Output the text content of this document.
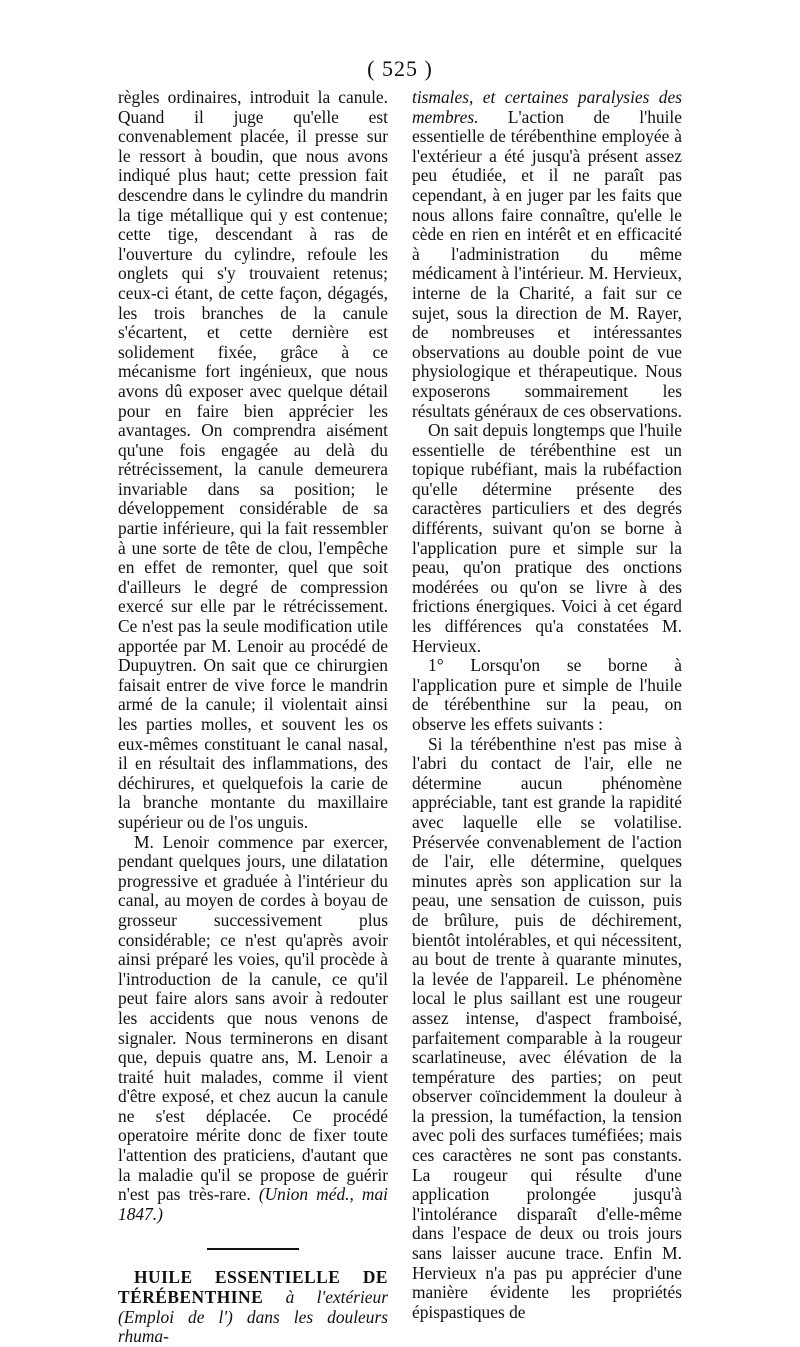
( 525 )

règles ordinaires, introduit la canule. Quand il juge qu'elle est convenablement placée, il presse sur le ressort à boudin, que nous avons indiqué plus haut; cette pression fait descendre dans le cylindre du mandrin la tige métallique qui y est contenue; cette tige, descendant à ras de l'ouverture du cylindre, refoule les onglets qui s'y trouvaient retenus; ceux-ci étant, de cette façon, dégagés, les trois branches de la canule s'écartent, et cette dernière est solidement fixée, grâce à ce mécanisme fort ingénieux, que nous avons dû exposer avec quelque détail pour en faire bien apprécier les avantages. On comprendra aisément qu'une fois engagée au delà du rétrécissement, la canule demeurera invariable dans sa position; le développement considérable de sa partie inférieure, qui la fait ressembler à une sorte de tête de clou, l'empêche en effet de remonter, quel que soit d'ailleurs le degré de compression exercé sur elle par le rétrécissement. Ce n'est pas la seule modification utile apportée par M. Lenoir au procédé de Dupuytren. On sait que ce chirurgien faisait entrer de vive force le mandrin armé de la canule; il violentait ainsi les parties molles, et souvent les os eux-mêmes constituant le canal nasal, il en résultait des inflammations, des déchirures, et quelquefois la carie de la branche montante du maxillaire supérieur ou de l'os unguis.

M. Lenoir commence par exercer, pendant quelques jours, une dilatation progressive et graduée à l'intérieur du canal, au moyen de cordes à boyau de grosseur successivement plus considérable; ce n'est qu'après avoir ainsi préparé les voies, qu'il procède à l'introduction de la canule, ce qu'il peut faire alors sans avoir à redouter les accidents que nous venons de signaler. Nous terminerons en disant que, depuis quatre ans, M. Lenoir a traité huit malades, comme il vient d'être exposé, et chez aucun la canule ne s'est déplacée. Ce procédé operatoire mérite donc de fixer toute l'attention des praticiens, d'autant que la maladie qu'il se propose de guérir n'est pas très-rare. (Union méd., mai 1847.)

HUILE ESSENTIELLE DE TÉRÉBENTHINE à l'extérieur (Emploi de l') dans les douleurs rhuma-

tismales, et certaines paralysies des membres. L'action de l'huile essentielle de térébenthine employée à l'extérieur a été jusqu'à présent assez peu étudiée, et il ne paraît pas cependant, à en juger par les faits que nous allons faire connaître, qu'elle le cède en rien en intérêt et en efficacité à l'administration du même médicament à l'intérieur. M. Hervieux, interne de la Charité, a fait sur ce sujet, sous la direction de M. Rayer, de nombreuses et intéressantes observations au double point de vue physiologique et thérapeutique. Nous exposerons sommairement les résultats généraux de ces observations.

On sait depuis longtemps que l'huile essentielle de térébenthine est un topique rubéfiant, mais la rubéfaction qu'elle détermine présente des caractères particuliers et des degrés différents, suivant qu'on se borne à l'application pure et simple sur la peau, qu'on pratique des onctions modérées ou qu'on se livre à des frictions énergiques. Voici à cet égard les différences qu'a constatées M. Hervieux.

1° Lorsqu'on se borne à l'application pure et simple de l'huile de térébenthine sur la peau, on observe les effets suivants :

Si la térébenthine n'est pas mise à l'abri du contact de l'air, elle ne détermine aucun phénomène appréciable, tant est grande la rapidité avec laquelle elle se volatilise. Préservée convenablement de l'action de l'air, elle détermine, quelques minutes après son application sur la peau, une sensation de cuisson, puis de brûlure, puis de déchirement, bientôt intolérables, et qui nécessitent, au bout de trente à quarante minutes, la levée de l'appareil. Le phénomène local le plus saillant est une rougeur assez intense, d'aspect framboisé, parfaitement comparable à la rougeur scarlatineuse, avec élévation de la température des parties; on peut observer coïncidemment la douleur à la pression, la tuméfaction, la tension avec poli des surfaces tuméfiées; mais ces caractères ne sont pas constants. La rougeur qui résulte d'une application prolongée jusqu'à l'intolérance disparaît d'elle-même dans l'espace de deux ou trois jours sans laisser aucune trace. Enfin M. Hervieux n'a pas pu apprécier d'une manière évidente les propriétés épispastiques de
